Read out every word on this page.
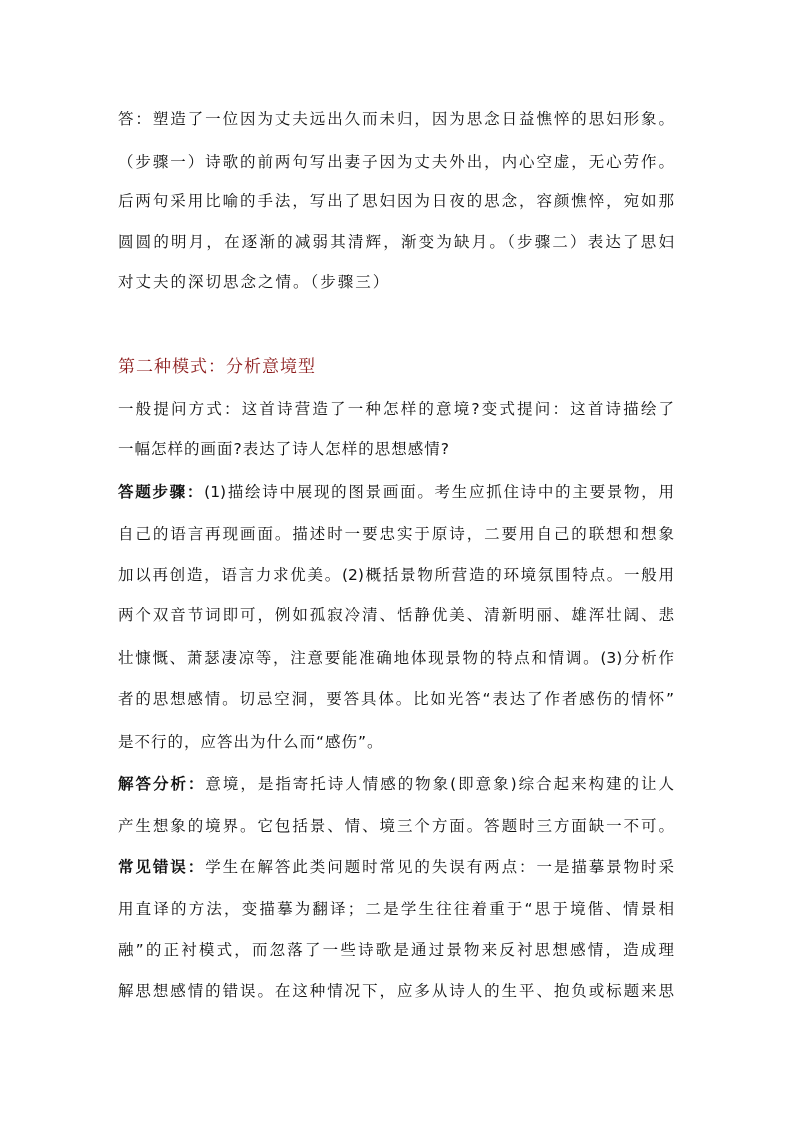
答：塑造了一位因为丈夫远出久而未归，因为思念日益憔悴的思妇形象。
（步骤一）诗歌的前两句写出妻子因为丈夫外出，内心空虚，无心劳作。
后两句采用比喻的手法，写出了思妇因为日夜的思念，容颜憔悴，宛如那
圆圆的明月，在逐渐的减弱其清辉，渐变为缺月。（步骤二）表达了思妇
对丈夫的深切思念之情。（步骤三）
第二种模式：分析意境型
一般提问方式：这首诗营造了一种怎样的意境?变式提问：这首诗描绘了
一幅怎样的画面?表达了诗人怎样的思想感情?
答题步骤：(1)描绘诗中展现的图景画面。考生应抓住诗中的主要景物，用
自己的语言再现画面。描述时一要忠实于原诗，二要用自己的联想和想象
加以再创造，语言力求优美。(2)概括景物所营造的环境氛围特点。一般用
两个双音节词即可，例如孤寂冷清、恬静优美、清新明丽、雄浑壮阔、悲
壮慷慨、萧瑟凄凉等，注意要能准确地体现景物的特点和情调。(3)分析作
者的思想感情。切忌空洞，要答具体。比如光答“表达了作者感伤的情怀”
是不行的，应答出为什么而“感伤”。
解答分析：意境，是指寄托诗人情感的物象(即意象)综合起来构建的让人
产生想象的境界。它包括景、情、境三个方面。答题时三方面缺一不可。
常见错误：学生在解答此类问题时常见的失误有两点：一是描摹景物时采
用直译的方法，变描摹为翻译；二是学生往往着重于“思于境偕、情景相
融”的正衬模式，而忽落了一些诗歌是通过景物来反衬思想感情，造成理
解思想感情的错误。在这种情况下，应多从诗人的生平、抱负或标题来思
